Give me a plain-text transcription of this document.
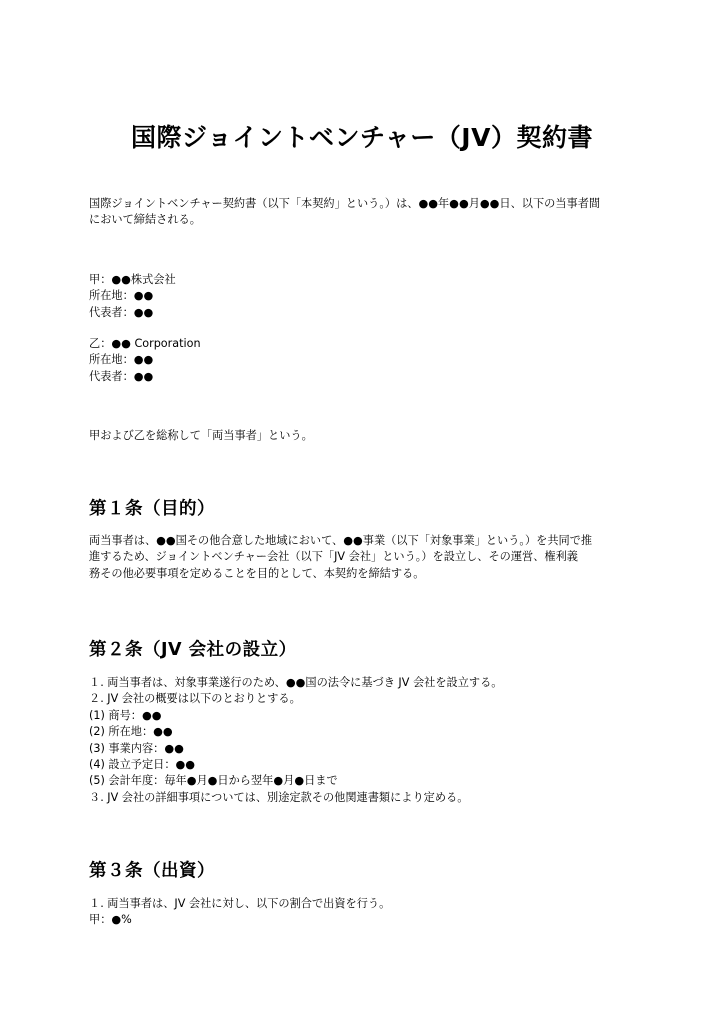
国際ジョイントベンチャー（JV）契約書
国際ジョイントベンチャー契約書（以下「本契約」という。）は、●●年●●月●●日、以下の当事者間
において締結される。
甲：●●株式会社
所在地：●●
代表者：●●
乙：●● Corporation
所在地：●●
代表者：●●
甲および乙を総称して「両当事者」という。
第１条（目的）
両当事者は、●●国その他合意した地域において、●●事業（以下「対象事業」という。）を共同で推
進するため、ジョイントベンチャー会社（以下「JV 会社」という。）を設立し、その運営、権利義
務その他必要事項を定めることを目的として、本契約を締結する。
第２条（JV 会社の設立）
１. 両当事者は、対象事業遂行のため、●●国の法令に基づき JV 会社を設立する。
２. JV 会社の概要は以下のとおりとする。
(1) 商号：●●
(2) 所在地：●●
(3) 事業内容：●●
(4) 設立予定日：●●
(5) 会計年度：毎年●月●日から翌年●月●日まで
３. JV 会社の詳細事項については、別途定款その他関連書類により定める。
第３条（出資）
１. 両当事者は、JV 会社に対し、以下の割合で出資を行う。
甲：●%
